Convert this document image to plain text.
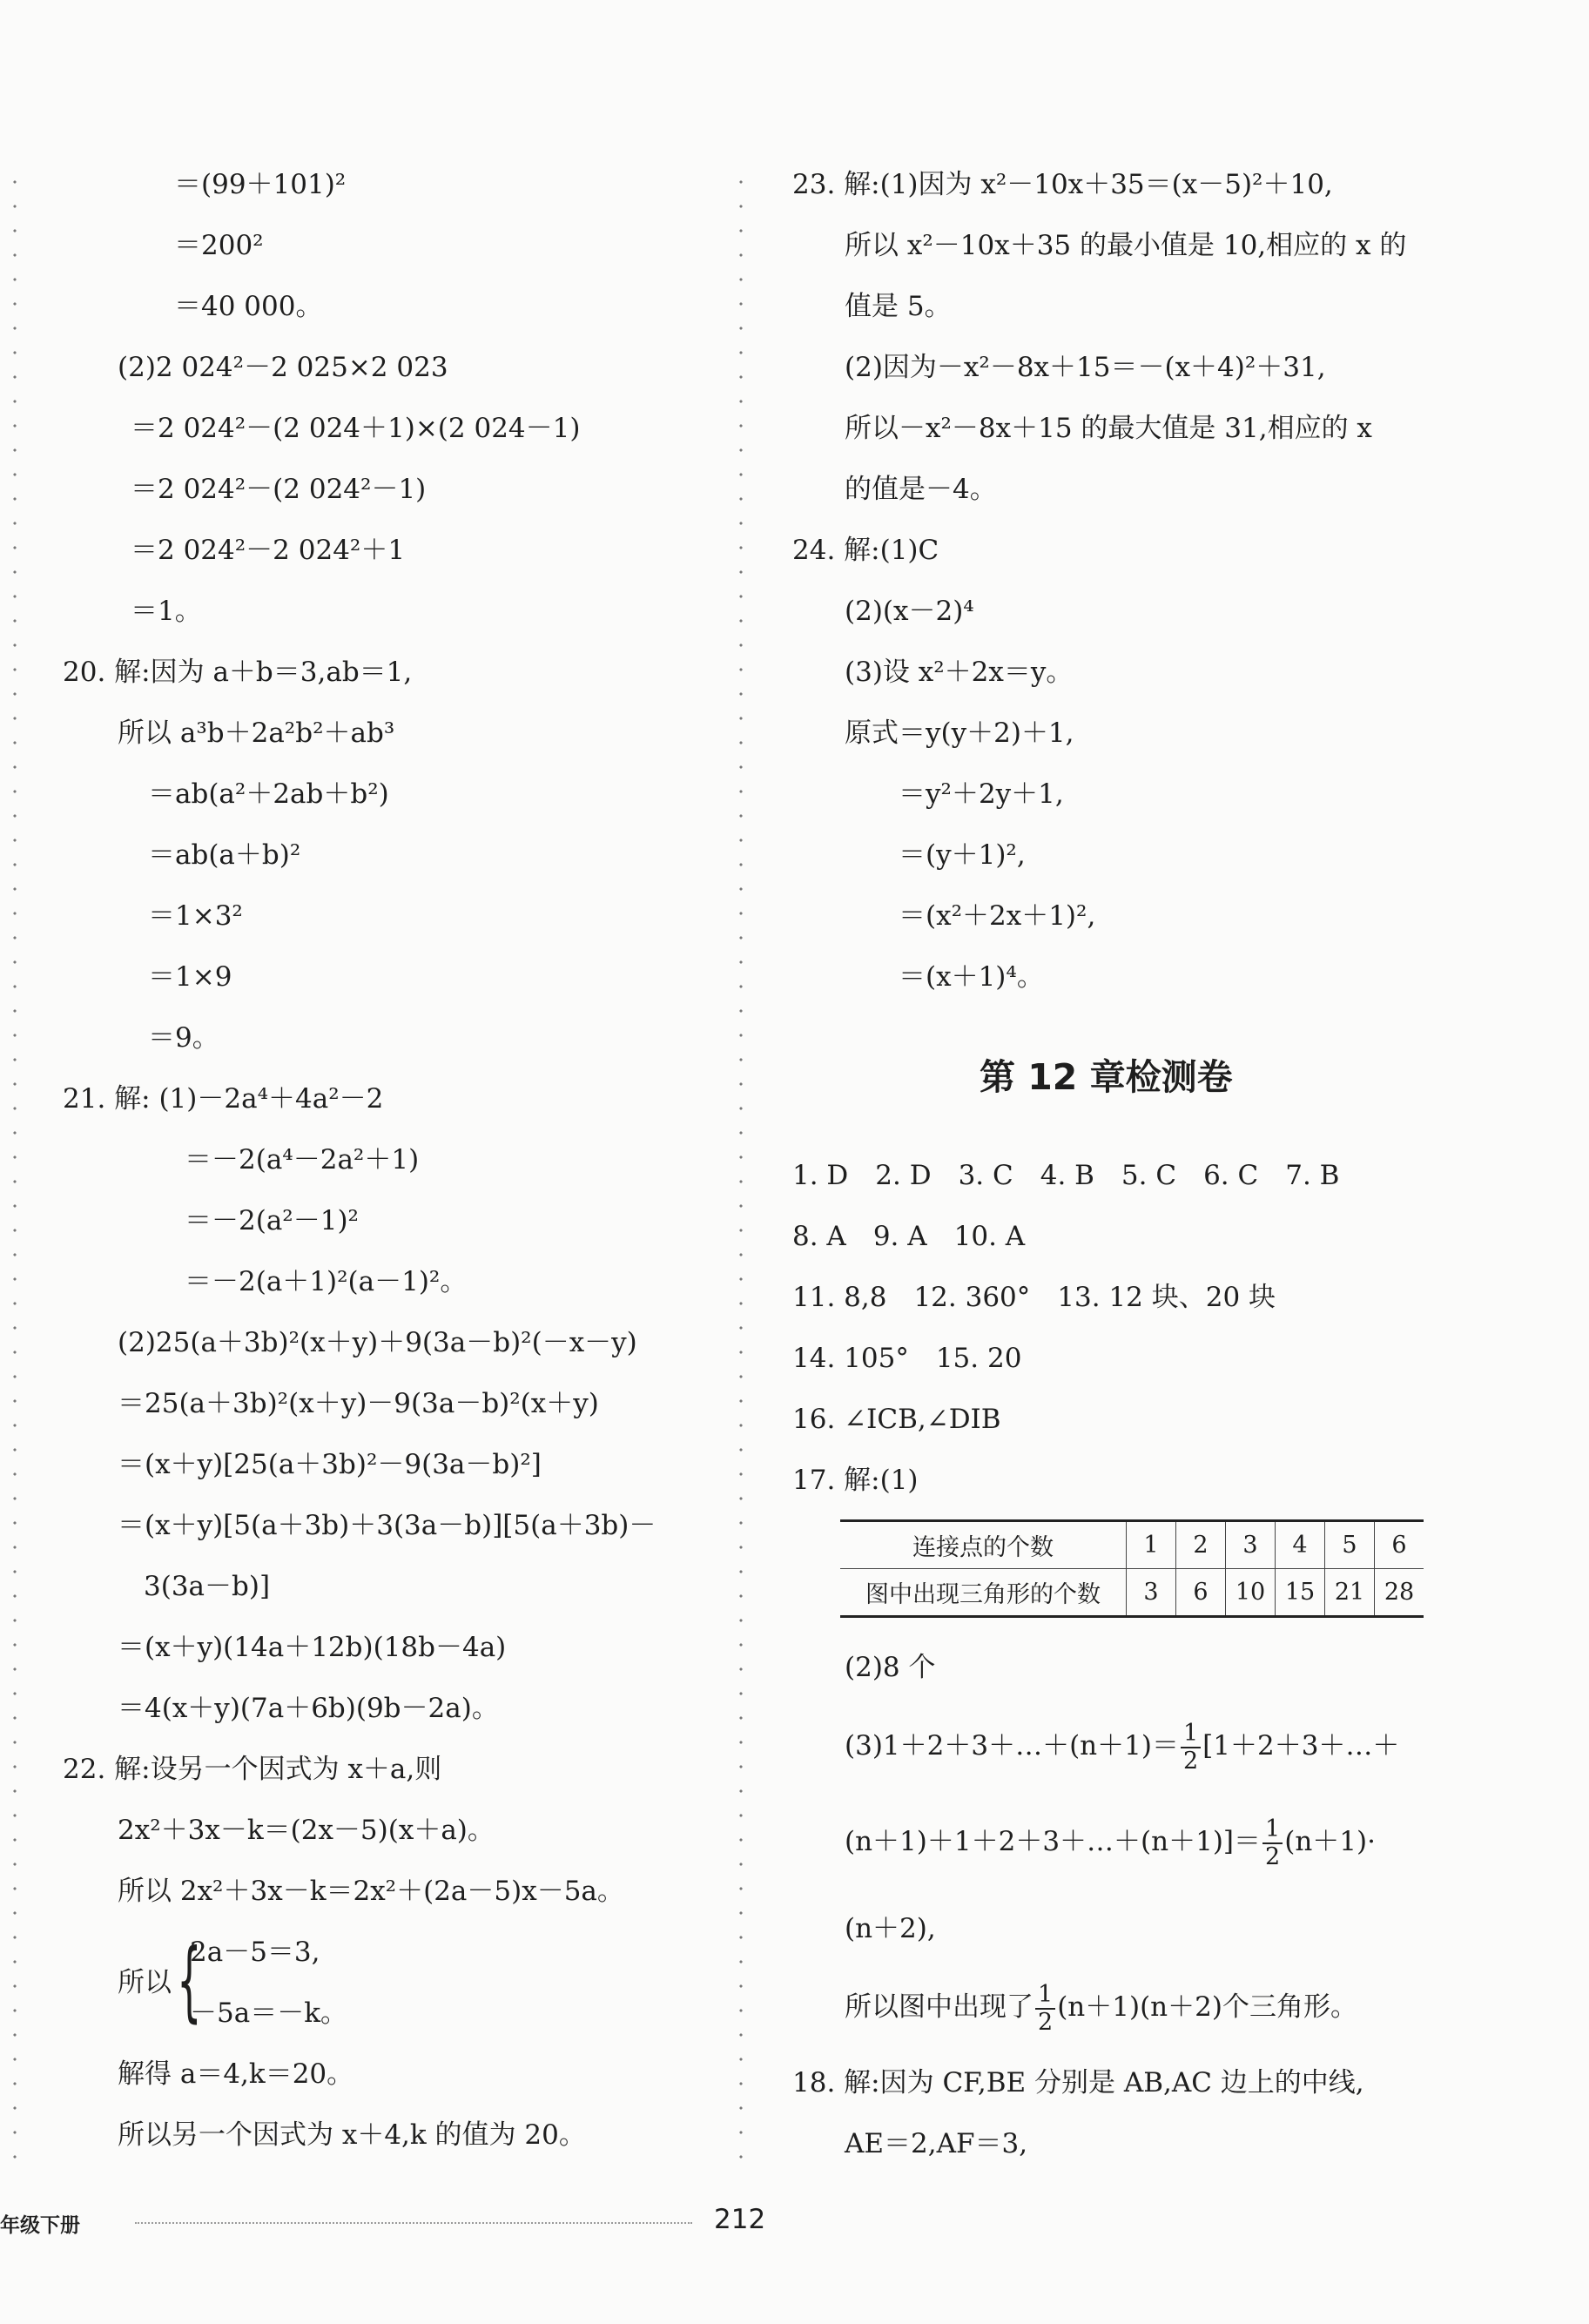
＝(99＋101)²
＝200²
＝40 000。
(2)2 024²－2 025×2 023
＝2 024²－(2 024＋1)×(2 024－1)
＝2 024²－(2 024²－1)
＝2 024²－2 024²＋1
＝1。
20. 解:因为 a＋b＝3,ab＝1,
所以 a³b＋2a²b²＋ab³
＝ab(a²＋2ab＋b²)
＝ab(a＋b)²
＝1×3²
＝1×9
＝9。
21. 解: (1)－2a⁴＋4a²－2
＝－2(a⁴－2a²＋1)
＝－2(a²－1)²
＝－2(a＋1)²(a－1)²。
(2)25(a＋3b)²(x＋y)＋9(3a－b)²(－x－y)
＝25(a＋3b)²(x＋y)－9(3a－b)²(x＋y)
＝(x＋y)[25(a＋3b)²－9(3a－b)²]
＝(x＋y)[5(a＋3b)＋3(3a－b)][5(a＋3b)－
3(3a－b)]
＝(x＋y)(14a＋12b)(18b－4a)
＝4(x＋y)(7a＋6b)(9b－2a)。
22. 解:设另一个因式为 x＋a,则
2x²＋3x－k＝(2x－5)(x＋a)。
所以 2x²＋3x－k＝2x²＋(2a－5)x－5a。
所以 {
2a－5＝3,
－5a＝－k。
解得 a＝4,k＝20。
所以另一个因式为 x＋4,k 的值为 20。
23. 解:(1)因为 x²－10x＋35＝(x－5)²＋10,
所以 x²－10x＋35 的最小值是 10,相应的 x 的
值是 5。
(2)因为－x²－8x＋15＝－(x＋4)²＋31,
所以－x²－8x＋15 的最大值是 31,相应的 x
的值是－4。
24. 解:(1)C
(2)(x－2)⁴
(3)设 x²＋2x＝y。
原式＝y(y＋2)＋1,
＝y²＋2y＋1,
＝(y＋1)²,
＝(x²＋2x＋1)²,
＝(x＋1)⁴。
第 12 章检测卷
1. D　2. D　3. C　4. B　5. C　6. C　7. B
8. A　9. A　10. A
11. 8,8　12. 360°　13. 12 块、20 块
14. 105°　15. 20
16. ∠ICB,∠DIB
17. 解:(1)
连接点的个数	1	2	3	4	5	6
图中出现三角形的个数	3	6	10	15	21	28
(2)8 个
(3)1＋2＋3＋…＋(n＋1)＝ $\frac{1}{2}$ [1＋2＋3＋…＋
(n＋1)＋1＋2＋3＋…＋(n＋1)]＝ $\frac{1}{2} (n+1)\cdot$
(n＋2),
所以图中出现了 $\frac{1}{2} (n+1)(n+2)$个三角形。
18. 解:因为 CF,BE 分别是 AB,AC 边上的中线,
AE＝2,AF＝3,
年级下册	212
